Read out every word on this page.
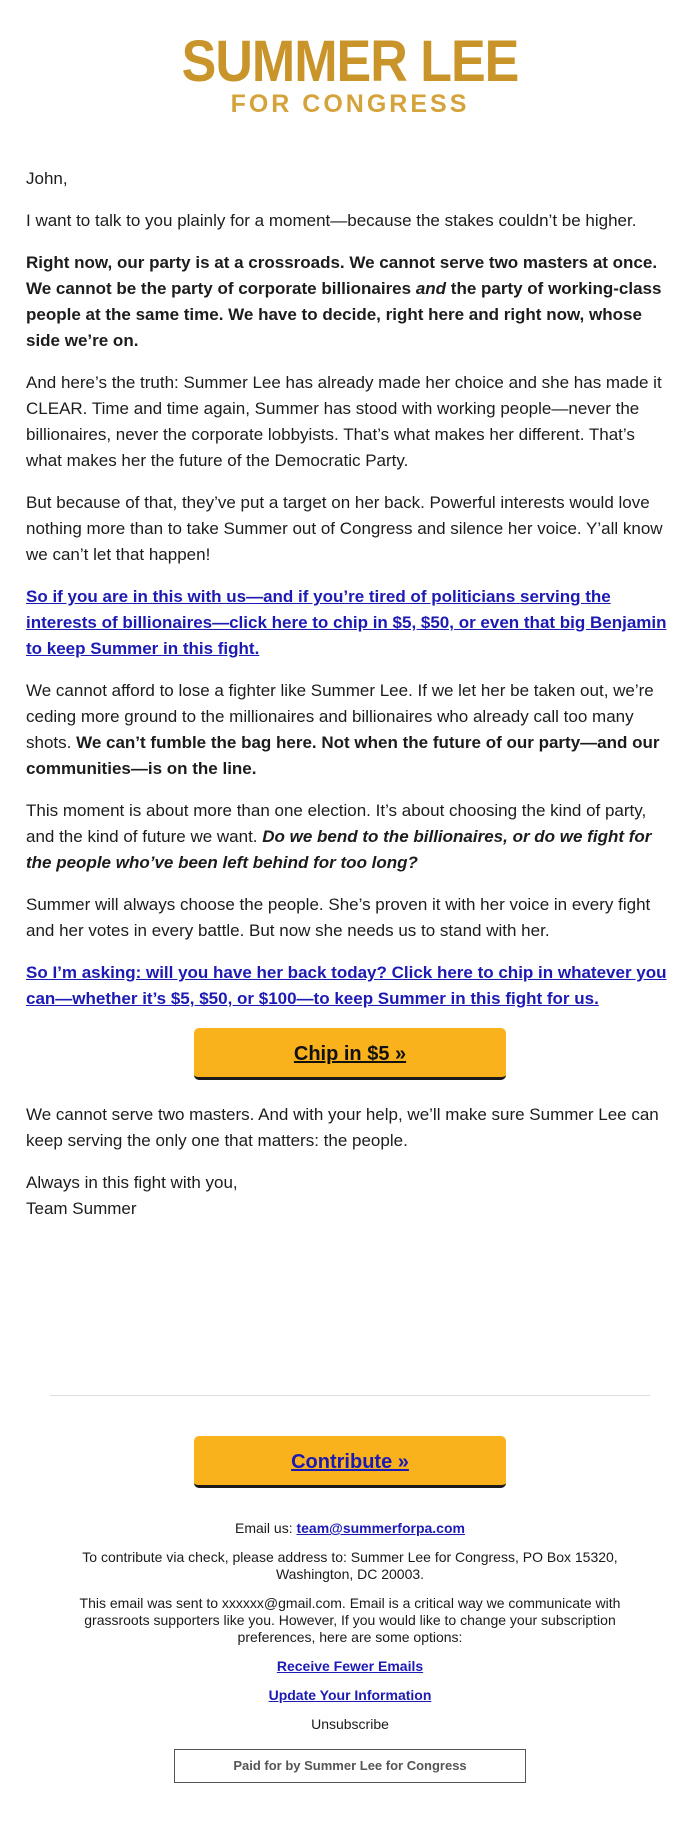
SUMMER LEE
FOR CONGRESS

John,

I want to talk to you plainly for a moment—because the stakes couldn’t be higher.

Right now, our party is at a crossroads. We cannot serve two masters at once. We cannot be the party of corporate billionaires and the party of working-class people at the same time. We have to decide, right here and right now, whose side we’re on.

And here’s the truth: Summer Lee has already made her choice and she has made it CLEAR. Time and time again, Summer has stood with working people—never the billionaires, never the corporate lobbyists. That’s what makes her different. That’s what makes her the future of the Democratic Party.

But because of that, they’ve put a target on her back. Powerful interests would love nothing more than to take Summer out of Congress and silence her voice. Y’all know we can’t let that happen!

So if you are in this with us—and if you’re tired of politicians serving the interests of billionaires—click here to chip in $5, $50, or even that big Benjamin to keep Summer in this fight.

We cannot afford to lose a fighter like Summer Lee. If we let her be taken out, we’re ceding more ground to the millionaires and billionaires who already call too many shots. We can’t fumble the bag here. Not when the future of our party—and our communities—is on the line.

This moment is about more than one election. It’s about choosing the kind of party, and the kind of future we want. Do we bend to the billionaires, or do we fight for the people who’ve been left behind for too long?

Summer will always choose the people. She’s proven it with her voice in every fight and her votes in every battle. But now she needs us to stand with her.

So I’m asking: will you have her back today? Click here to chip in whatever you can—whether it’s $5, $50, or $100—to keep Summer in this fight for us.

Chip in $5 »

We cannot serve two masters. And with your help, we’ll make sure Summer Lee can keep serving the only one that matters: the people.

Always in this fight with you,

Team Summer

Contribute »

Email us: team@summerforpa.com

To contribute via check, please address to: Summer Lee for Congress, PO Box 15320, Washington, DC 20003.

This email was sent to xxxxxx@gmail.com. Email is a critical way we communicate with grassroots supporters like you. However, If you would like to change your subscription preferences, here are some options:

Receive Fewer Emails

Update Your Information

Unsubscribe

Paid for by Summer Lee for Congress
